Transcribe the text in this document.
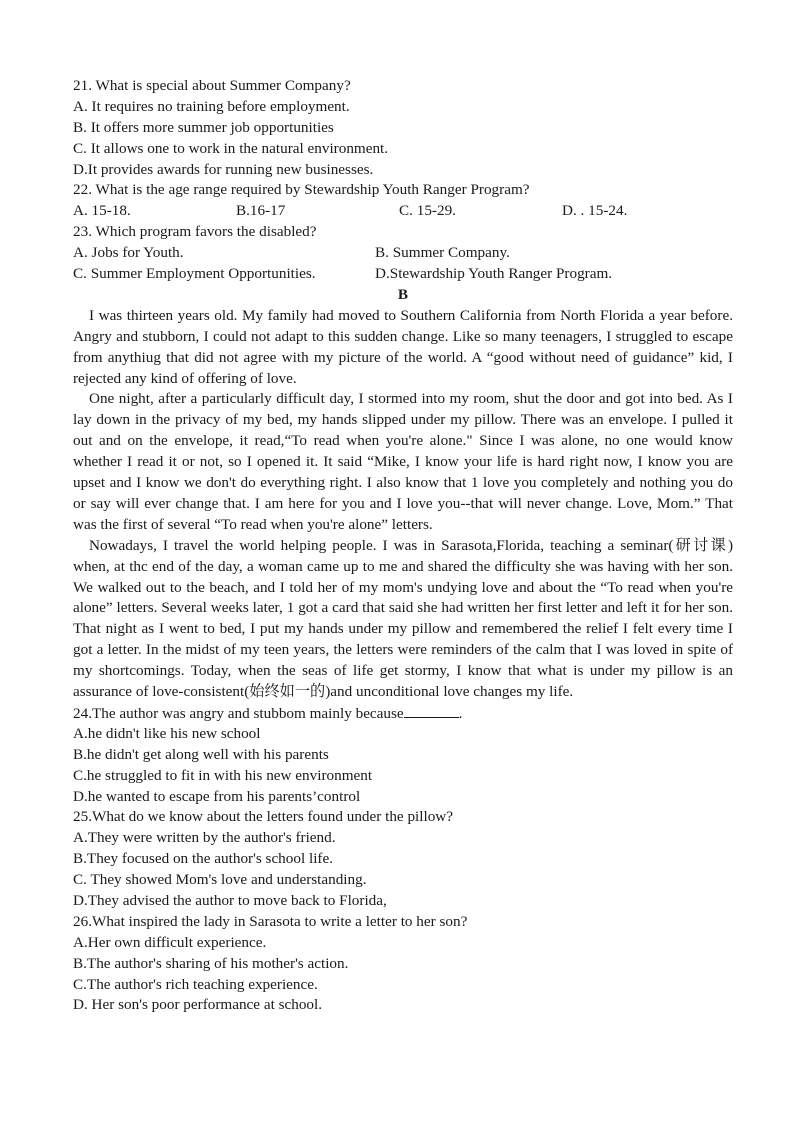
21. What is special about Summer Company?
A. It requires no training before employment.
B. It offers more summer job opportunities
C. It allows one to work in the natural environment.
D.It provides awards for running new businesses.
22. What is the age range required by Stewardship Youth Ranger Program?
A. 15-18.	B.16-17	C. 15-29.	D. . 15-24.
23. Which program favors the disabled?
A. Jobs for Youth.	B. Summer Company.
C. Summer Employment Opportunities.	D.Stewardship Youth Ranger Program.
B

I was thirteen years old. My family had moved to Southern California from North Florida a year before. Angry and stubborn, I could not adapt to this sudden change. Like so many teenagers, I struggled to escape from anythiug that did not agree with my picture of the world. A “good without need of guidance” kid, I rejected any kind of offering of love.

One night, after a particularly difficult day, I stormed into my room, shut the door and got into bed. As I lay down in the privacy of my bed, my hands slipped under my pillow. There was an envelope. I pulled it out and on the envelope, it read,“To read when you're alone." Since I was alone, no one would know whether I read it or not, so I opened it. It said “Mike, I know your life is hard right now, I know you are upset and I know we don't do everything right. I also know that 1 love you completely and nothing you do or say will ever change that. I am here for you and I love you--that will never change. Love, Mom.” That was the first of several “To read when you're alone” letters.

Nowadays, I travel the world helping people. I was in Sarasota,Florida, teaching a seminar(研讨课) when, at thc end of the day, a woman came up to me and shared the difficulty she was having with her son. We walked out to the beach, and I told her of my mom's undying love and about the “To read when you're alone” letters. Several weeks later, 1 got a card that said she had written her first letter and left it for her son. That night as I went to bed, I put my hands under my pillow and remembered the relief I felt every time I got a letter. In the midst of my teen years, the letters were reminders of the calm that I was loved in spite of my shortcomings. Today, when the seas of life get stormy, I know that what is under my pillow is an assurance of love-consistent(始终如一的)and unconditional love changes my life.

24.The author was angry and stubbom mainly because	.
A.he didn't like his new school
B.he didn't get along well with his parents
C.he struggled to fit in with his new environment
D.he wanted to escape from his parents’control
25.What do we know about the letters found under the pillow?
A.They were written by the author's friend.
B.They focused on the author's school life.
C. They showed Mom's love and understanding.
D.They advised the author to move back to Florida,
26.What inspired the lady in Sarasota to write a letter to her son?
A.Her own difficult experience.
B.The author's sharing of his mother's action.
C.The author's rich teaching experience.
D. Her son's poor performance at school.
